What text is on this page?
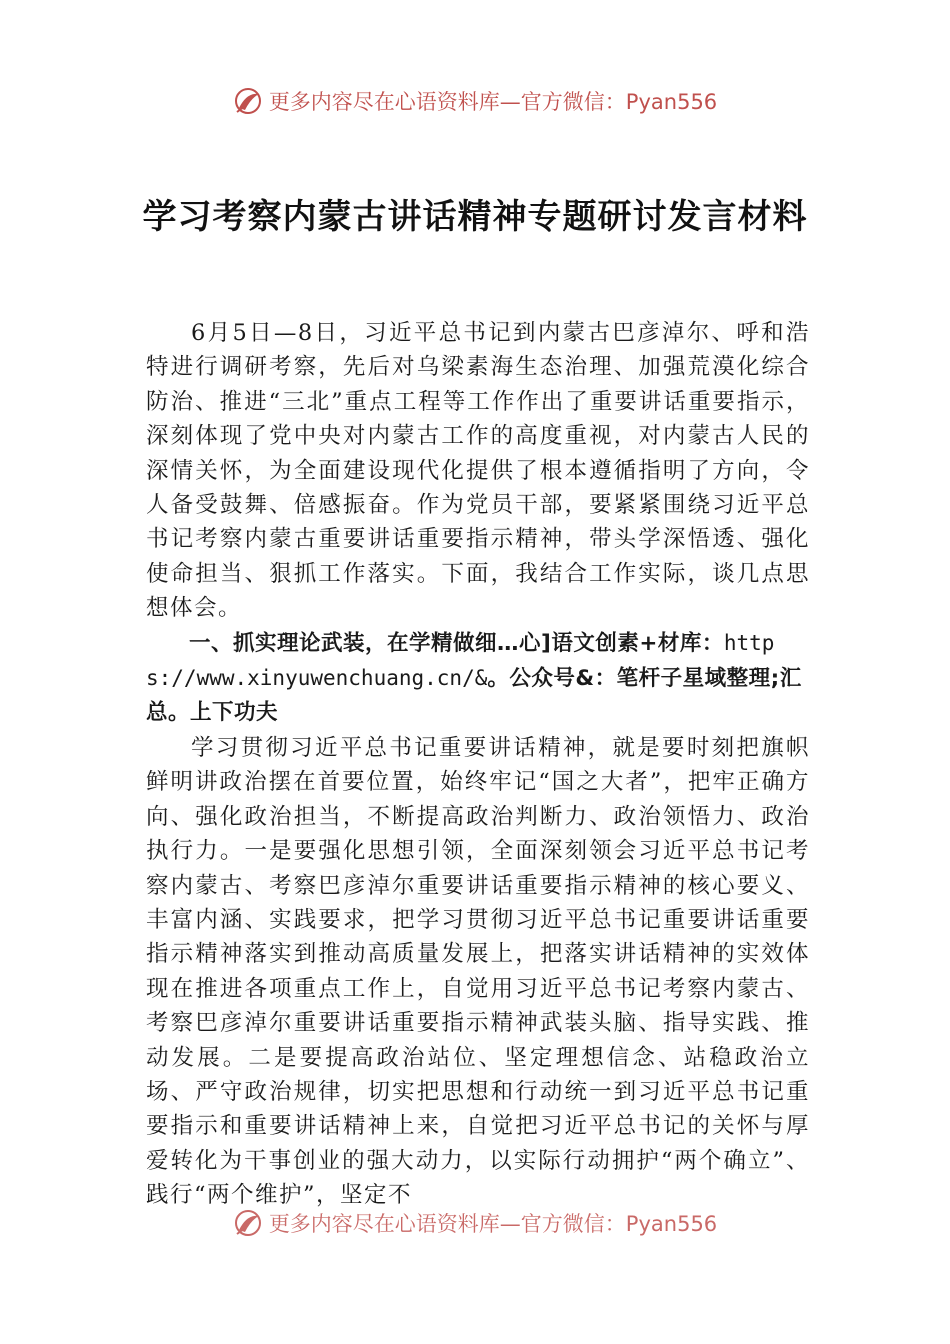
更多内容尽在心语资料库—官方微信：Pyan556
学习考察内蒙古讲话精神专题研讨发言材料

6月5日—8日，习近平总书记到内蒙古巴彦淖尔、呼和浩特进行调研考察，先后对乌梁素海生态治理、加强荒漠化综合防治、推进“三北”重点工程等工作作出了重要讲话重要指示，深刻体现了党中央对内蒙古工作的高度重视，对内蒙古人民的深情关怀，为全面建设现代化提供了根本遵循指明了方向，令人备受鼓舞、倍感振奋。作为党员干部，要紧紧围绕习近平总书记考察内蒙古重要讲话重要指示精神，带头学深悟透、强化使命担当、狠抓工作落实。下面，我结合工作实际，谈几点思想体会。

一、抓实理论武装，在学精做细…心]语文创素+材库：https://www.xinyuwenchuang.cn/&。公众号&：笔杆子星域整理;汇总。上下功夫

学习贯彻习近平总书记重要讲话精神，就是要时刻把旗帜鲜明讲政治摆在首要位置，始终牢记“国之大者”，把牢正确方向、强化政治担当，不断提高政治判断力、政治领悟力、政治执行力。一是要强化思想引领，全面深刻领会习近平总书记考察内蒙古、考察巴彦淖尔重要讲话重要指示精神的核心要义、丰富内涵、实践要求，把学习贯彻习近平总书记重要讲话重要指示精神落实到推动高质量发展上，把落实讲话精神的实效体现在推进各项重点工作上，自觉用习近平总书记考察内蒙古、考察巴彦淖尔重要讲话重要指示精神武装头脑、指导实践、推动发展。二是要提高政治站位、坚定理想信念、站稳政治立场、严守政治规律，切实把思想和行动统一到习近平总书记重要指示和重要讲话精神上来，自觉把习近平总书记的关怀与厚爱转化为干事创业的强大动力，以实际行动拥护“两个确立”、践行“两个维护”，坚定不

更多内容尽在心语资料库—官方微信：Pyan556
